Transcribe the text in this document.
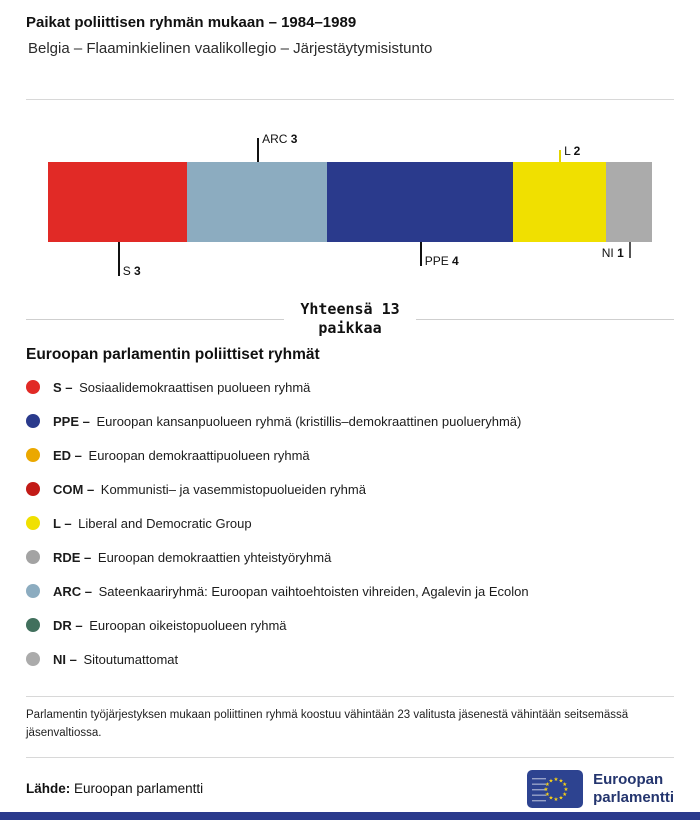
Paikat poliittisen ryhmän mukaan – 1984–1989
Belgia – Flaaminkielinen vaalikollegio – Järjestäytymisistunto
S 3
ARC 3
PPE 4
L 2
NI 1
Yhteensä 13
paikkaa
Euroopan parlamentin poliittiset ryhmät
S – Sosiaalidemokraattisen puolueen ryhmä
PPE – Euroopan kansanpuolueen ryhmä (kristillis–demokraattinen puolueryhmä)
ED – Euroopan demokraattipuolueen ryhmä
COM – Kommunisti– ja vasemmistopuolueiden ryhmä
L – Liberal and Democratic Group
RDE – Euroopan demokraattien yhteistyöryhmä
ARC – Sateenkaariryhmä: Euroopan vaihtoehtoisten vihreiden, Agalevin ja Ecolon
DR – Euroopan oikeistopuolueen ryhmä
NI – Sitoutumattomat

Parlamentin työjärjestyksen mukaan poliittinen ryhmä koostuu vähintään 23 valitusta jäsenestä vähintään seitsemässä jäsenvaltiossa.

Lähde: Euroopan parlamentti
★ ★
★
★
★
★
★
★
★
★
★
★	Euroopan
parlamentti
